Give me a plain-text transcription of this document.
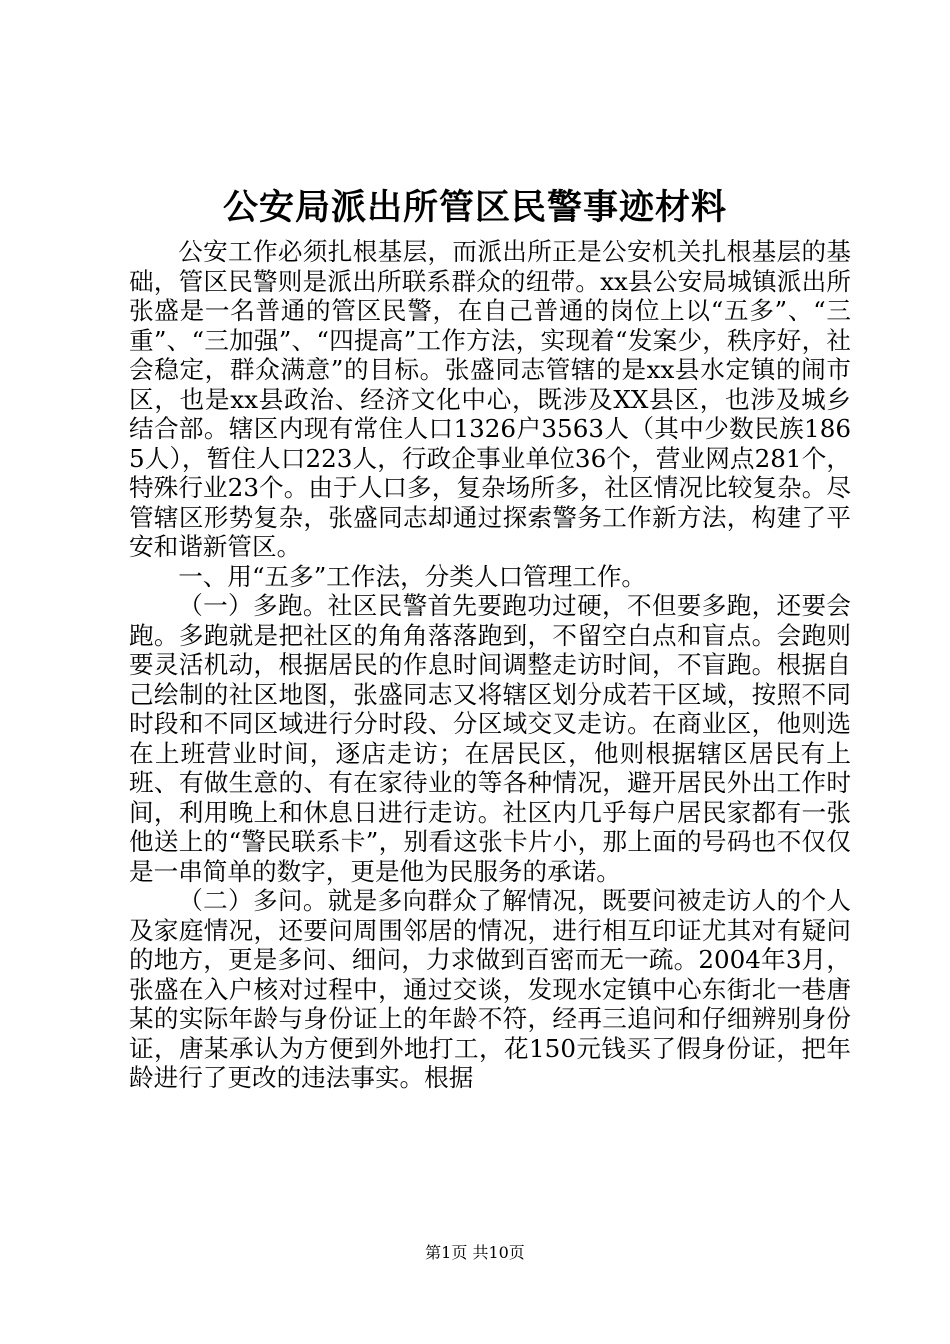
公安局派出所管区民警事迹材料

公安工作必须扎根基层，而派出所正是公安机关扎根基层的基础，管区民警则是派出所联系群众的纽带。xx县公安局城镇派出所张盛是一名普通的管区民警，在自己普通的岗位上以“五多”、“三重”、“三加强”、“四提高”工作方法，实现着“发案少，秩序好，社会稳定，群众满意”的目标。张盛同志管辖的是xx县水定镇的闹市区，也是xx县政治、经济文化中心，既涉及XX县区，也涉及城乡结合部。辖区内现有常住人口1326户3563人（其中少数民族1865人），暂住人口223人，行政企事业单位36个，营业网点281个，特殊行业23个。由于人口多，复杂场所多，社区情况比较复杂。尽管辖区形势复杂，张盛同志却通过探索警务工作新方法，构建了平安和谐新管区。

一、用“五多”工作法，分类人口管理工作。

（一）多跑。社区民警首先要跑功过硬，不但要多跑，还要会跑。多跑就是把社区的角角落落跑到，不留空白点和盲点。会跑则要灵活机动，根据居民的作息时间调整走访时间，不盲跑。根据自己绘制的社区地图，张盛同志又将辖区划分成若干区域，按照不同时段和不同区域进行分时段、分区域交叉走访。在商业区，他则选在上班营业时间，逐店走访；在居民区，他则根据辖区居民有上班、有做生意的、有在家待业的等各种情况，避开居民外出工作时间，利用晚上和休息日进行走访。社区内几乎每户居民家都有一张他送上的“警民联系卡”，别看这张卡片小，那上面的号码也不仅仅是一串简单的数字，更是他为民服务的承诺。

（二）多问。就是多向群众了解情况，既要问被走访人的个人及家庭情况，还要问周围邻居的情况，进行相互印证尤其对有疑问的地方，更是多问、细问，力求做到百密而无一疏。2004年3月，张盛在入户核对过程中，通过交谈，发现水定镇中心东街北一巷唐某的实际年龄与身份证上的年龄不符，经再三追问和仔细辨别身份证，唐某承认为方便到外地打工，花150元钱买了假身份证，把年龄进行了更改的违法事实。根据

第1页 共10页
